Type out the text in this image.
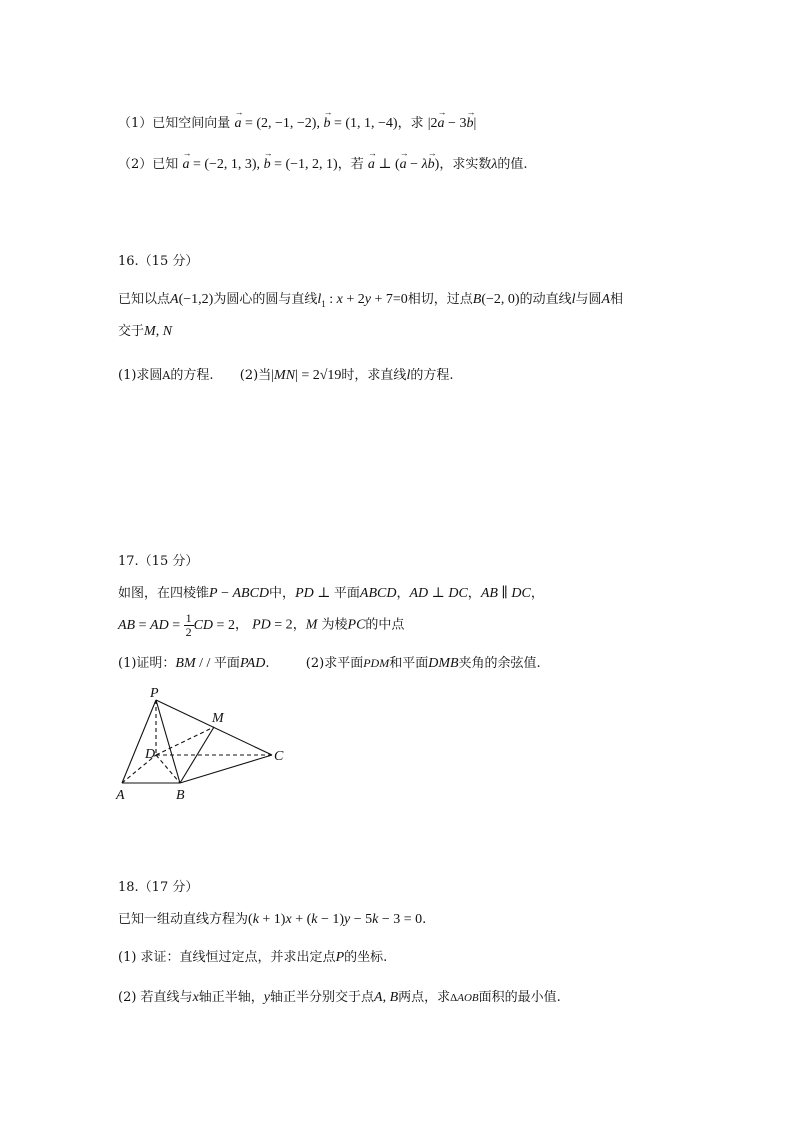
（1）已知空间向量 → a = (2, −1, −2), → b = (1, 1, −4)，求 |2→ a − 3→ b|
（2）已知 → a = (−2, 1, 3), → b = (−1, 2, 1)，若 → a ⊥ (→ a − λ→ b)，求实数λ的值.
16.（15 分）
已知以点A(−1,2)为圆心的圆与直线$l_1$ : x + 2y + 7=0相切，过点B(−2, 0)的动直线l与圆A相
交于M, N
(1)求圆A的方程. (2)当|MN| = 2√19时，求直线l的方程.
17.（15 分）
如图，在四棱锥P − ABCD中，PD ⊥ 平面ABCD，AD ⊥ DC，AB ∥ DC，
AB = AD = $\frac{1}{2}$ CD = 2， PD = 2，M 为棱PC的中点
(1)证明：BM / / 平面PAD.	(2)求平面PDM和平面DMB夹角的余弦值.
P
M
D	C
A	B
18.（17 分）
已知一组动直线方程为(k + 1)x + (k − 1)y − 5k − 3 = 0.
(1) 求证：直线恒过定点，并求出定点P的坐标.
(2) 若直线与x轴正半轴，y轴正半分别交于点A, B两点，求ΔAOB面积的最小值.
